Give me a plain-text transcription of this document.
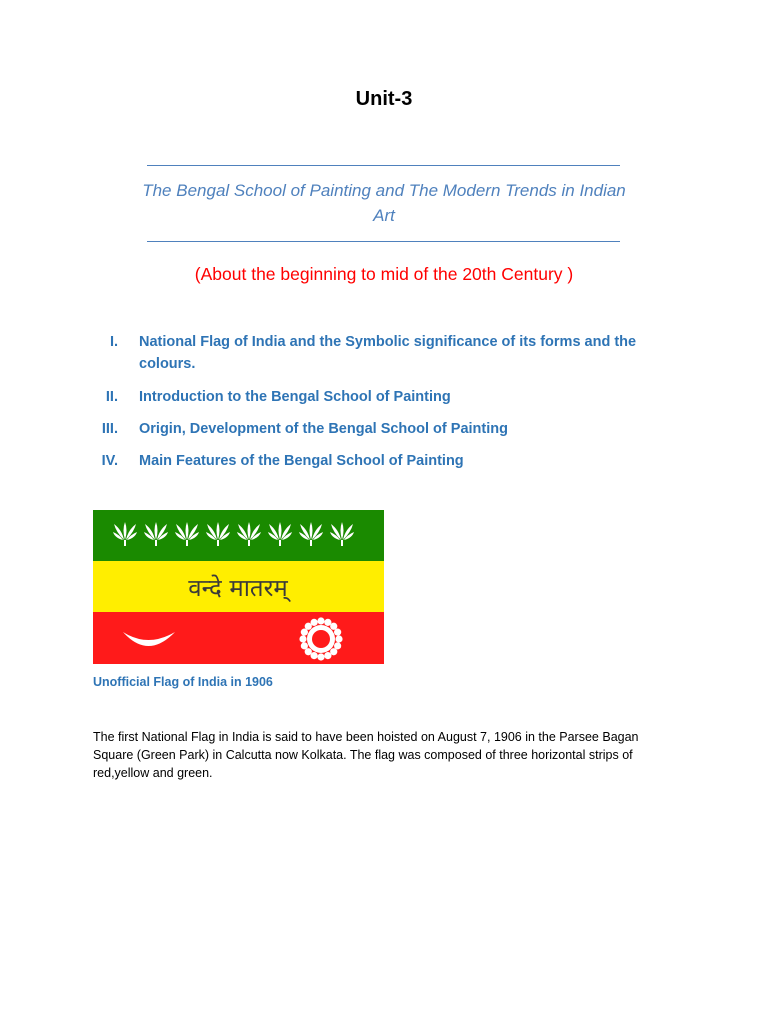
Unit-3
The Bengal School of Painting and The Modern Trends in Indian Art
(About the beginning to mid of the 20th Century )
I. National Flag of India and the Symbolic significance of its forms and the colours.
II. Introduction to the Bengal School of Painting
III. Origin, Development of the Bengal School of Painting
IV. Main Features of the Bengal School of Painting
वन्दे मातरम्
Unofficial Flag of India in 1906
The first National Flag in India is said to have been hoisted on August 7, 1906 in the Parsee Bagan Square (Green Park) in Calcutta now Kolkata. The flag was composed of three horizontal strips of red,yellow and green.
